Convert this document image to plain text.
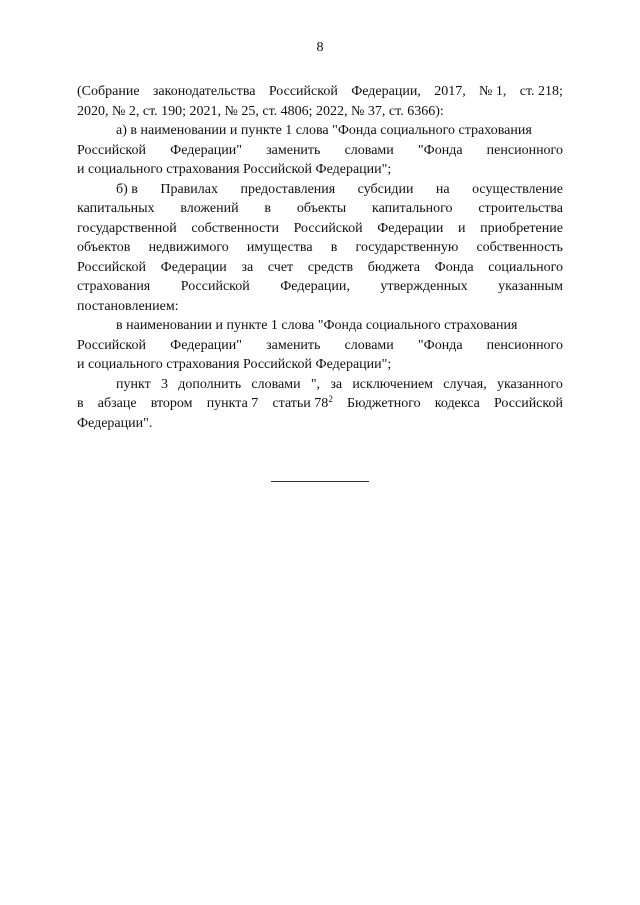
8
(Собрание законодательства Российской Федерации, 2017, № 1, ст. 218;
2020, № 2, ст. 190; 2021, № 25, ст. 4806; 2022, № 37, ст. 6366):
а) в наименовании и пункте 1 слова "Фонда социального страхования
Российской Федерации" заменить словами "Фонда пенсионного
и социального страхования Российской Федерации";
б) в Правилах предоставления субсидии на осуществление
капитальных вложений в объекты капитального строительства
государственной собственности Российской Федерации и приобретение
объектов недвижимого имущества в государственную собственность
Российской Федерации за счет средств бюджета Фонда социального
страхования Российской Федерации, утвержденных указанным
постановлением:
в наименовании и пункте 1 слова "Фонда социального страхования
Российской Федерации" заменить словами "Фонда пенсионного
и социального страхования Российской Федерации";
пункт 3 дополнить словами ", за исключением случая, указанного
в абзаце втором пункта 7 статьи $78^2$ Бюджетного кодекса Российской
Федерации".
